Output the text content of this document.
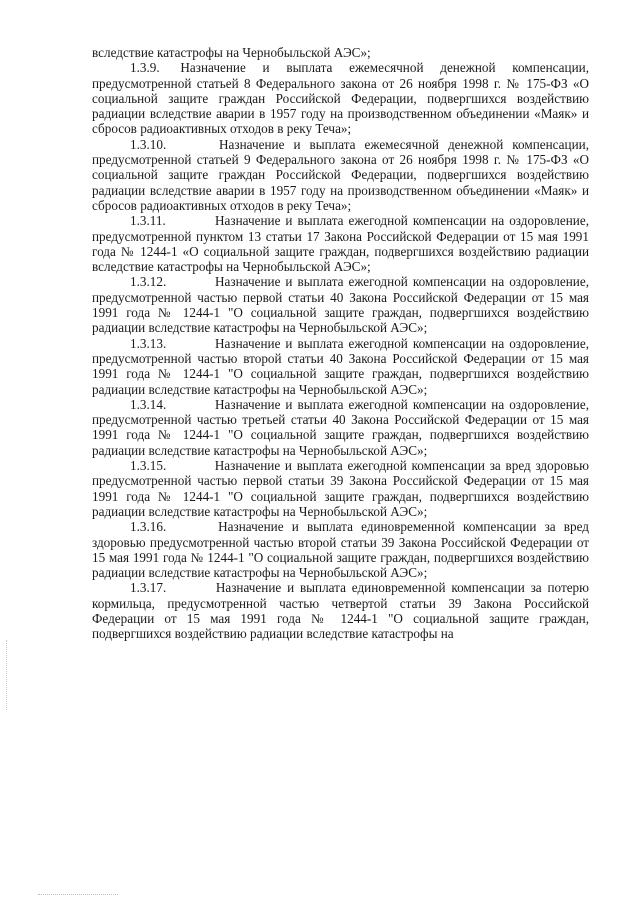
вследствие катастрофы на Чернобыльской АЭС»;

1.3.9. Назначение и выплата ежемесячной денежной компенсации, предусмотренной статьей 8 Федерального закона от 26 ноября 1998 г. № 175-ФЗ «О социальной защите граждан Российской Федерации, подвергшихся воздействию радиации вследствие аварии в 1957 году на производственном объединении «Маяк» и сбросов радиоактивных отходов в реку Теча»;

1.3.10.	Назначение и выплата ежемесячной денежной компенсации, предусмотренной статьей 9 Федерального закона от 26 ноября 1998 г. № 175-ФЗ «О социальной защите граждан Российской Федерации, подвергшихся воздействию радиации вследствие аварии в 1957 году на производственном объединении «Маяк» и сбросов радиоактивных отходов в реку Теча»;

1.3.11.	Назначение и выплата ежегодной компенсации на оздоровление, предусмотренной пунктом 13 статьи 17 Закона Российской Федерации от 15 мая 1991 года № 1244-1 «О социальной защите граждан, подвергшихся воздействию радиации вследствие катастрофы на Чернобыльской АЭС»;

1.3.12.	Назначение и выплата ежегодной компенсации на оздоровление, предусмотренной частью первой статьи 40 Закона Российской Федерации от 15 мая 1991 года № 1244-1 "О социальной защите граждан, подвергшихся воздействию радиации вследствие катастрофы на Чернобыльской АЭС»;

1.3.13.	Назначение и выплата ежегодной компенсации на оздоровление, предусмотренной частью второй статьи 40 Закона Российской Федерации от 15 мая 1991 года № 1244-1 "О социальной защите граждан, подвергшихся воздействию радиации вследствие катастрофы на Чернобыльской АЭС»;

1.3.14.	Назначение и выплата ежегодной компенсации на оздоровление, предусмотренной частью третьей статьи 40 Закона Российской Федерации от 15 мая 1991 года № 1244-1 "О социальной защите граждан, подвергшихся воздействию радиации вследствие катастрофы на Чернобыльской АЭС»;

1.3.15.	Назначение и выплата ежегодной компенсации за вред здоровью предусмотренной частью первой статьи 39 Закона Российской Федерации от 15 мая 1991 года № 1244-1 "О социальной защите граждан, подвергшихся воздействию радиации вследствие катастрофы на Чернобыльской АЭС»;

1.3.16.	Назначение и выплата единовременной компенсации за вред здоровью предусмотренной частью второй статьи 39 Закона Российской Федерации от 15 мая 1991 года № 1244-1 "О социальной защите граждан, подвергшихся воздействию радиации вследствие катастрофы на Чернобыльской АЭС»;

1.3.17.	Назначение и выплата единовременной компенсации за потерю кормильца, предусмотренной частью четвертой статьи 39 Закона Российской Федерации от 15 мая 1991 года № 1244-1 "О социальной защите граждан, подвергшихся воздействию радиации вследствие катастрофы на
